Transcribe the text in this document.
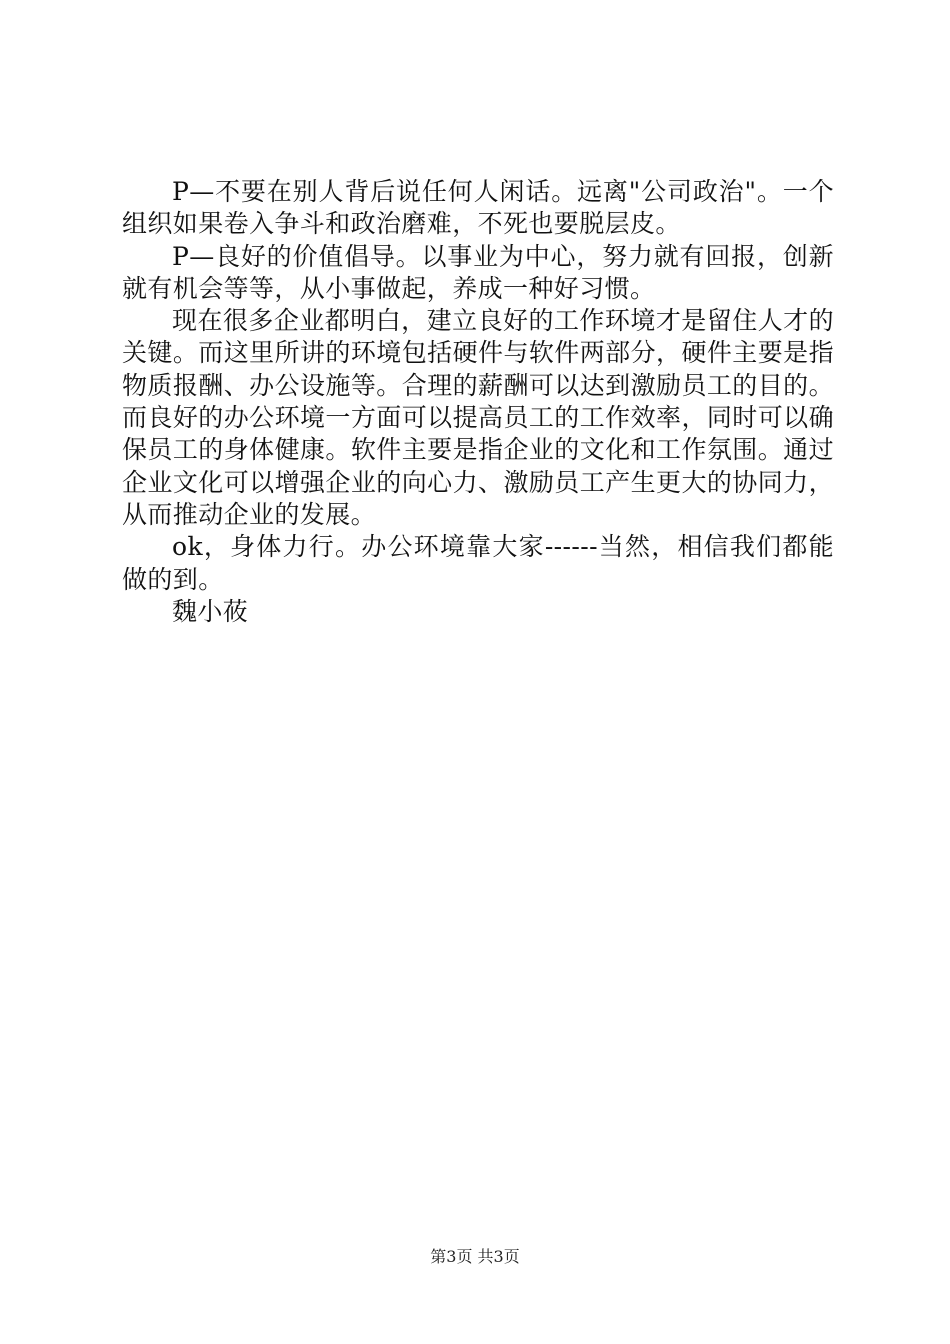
P—不要在别人背后说任何人闲话。远离"公司政治"。一个组织如果卷入争斗和政治磨难，不死也要脱层皮。

P—良好的价值倡导。以事业为中心，努力就有回报，创新就有机会等等，从小事做起，养成一种好习惯。

现在很多企业都明白，建立良好的工作环境才是留住人才的关键。而这里所讲的环境包括硬件与软件两部分，硬件主要是指物质报酬、办公设施等。合理的薪酬可以达到激励员工的目的。而良好的办公环境一方面可以提高员工的工作效率，同时可以确保员工的身体健康。软件主要是指企业的文化和工作氛围。通过企业文化可以增强企业的向心力、激励员工产生更大的协同力，从而推动企业的发展。

ok，身体力行。办公环境靠大家------当然，相信我们都能做的到。

魏小莜

第3页 共3页
